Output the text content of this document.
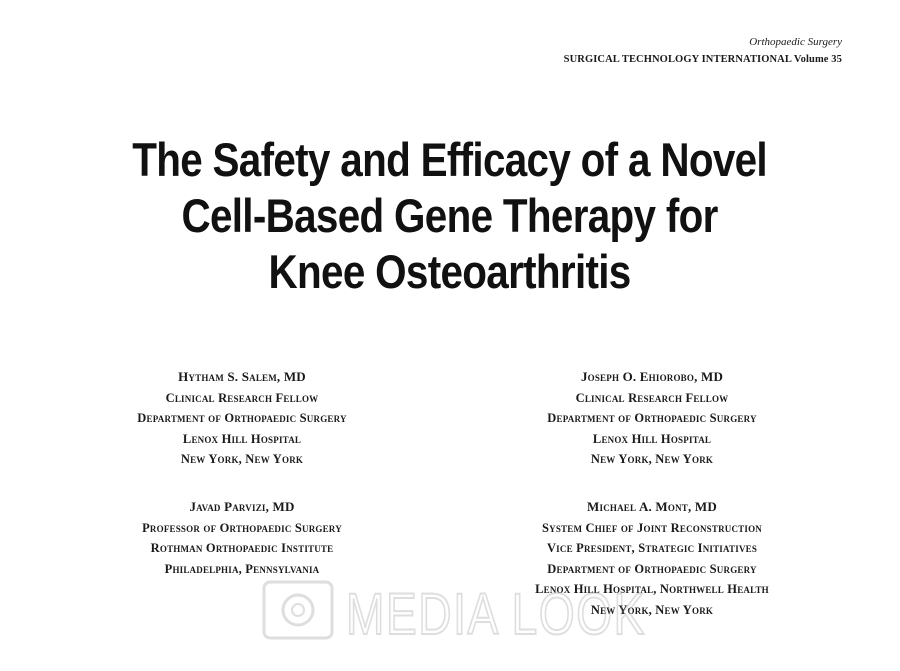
Orthopaedic Surgery
SURGICAL TECHNOLOGY INTERNATIONAL Volume 35
The Safety and Efficacy of a Novel
Cell-Based Gene Therapy for
Knee Osteoarthritis
Hytham S. Salem, MD
Clinical Research Fellow
Department of Orthopaedic Surgery
Lenox Hill Hospital
New York, New York
Joseph O. Ehiorobo, MD
Clinical Research Fellow
Department of Orthopaedic Surgery
Lenox Hill Hospital
New York, New York
Javad Parvizi, MD
Professor of Orthopaedic Surgery
Rothman Orthopaedic Institute
Philadelphia, Pennsylvania
Michael A. Mont, MD
System Chief of Joint Reconstruction
Vice President, Strategic Initiatives
Department of Orthopaedic Surgery
Lenox Hill Hospital, Northwell Health
New York, New York
MEDIA LOOK
